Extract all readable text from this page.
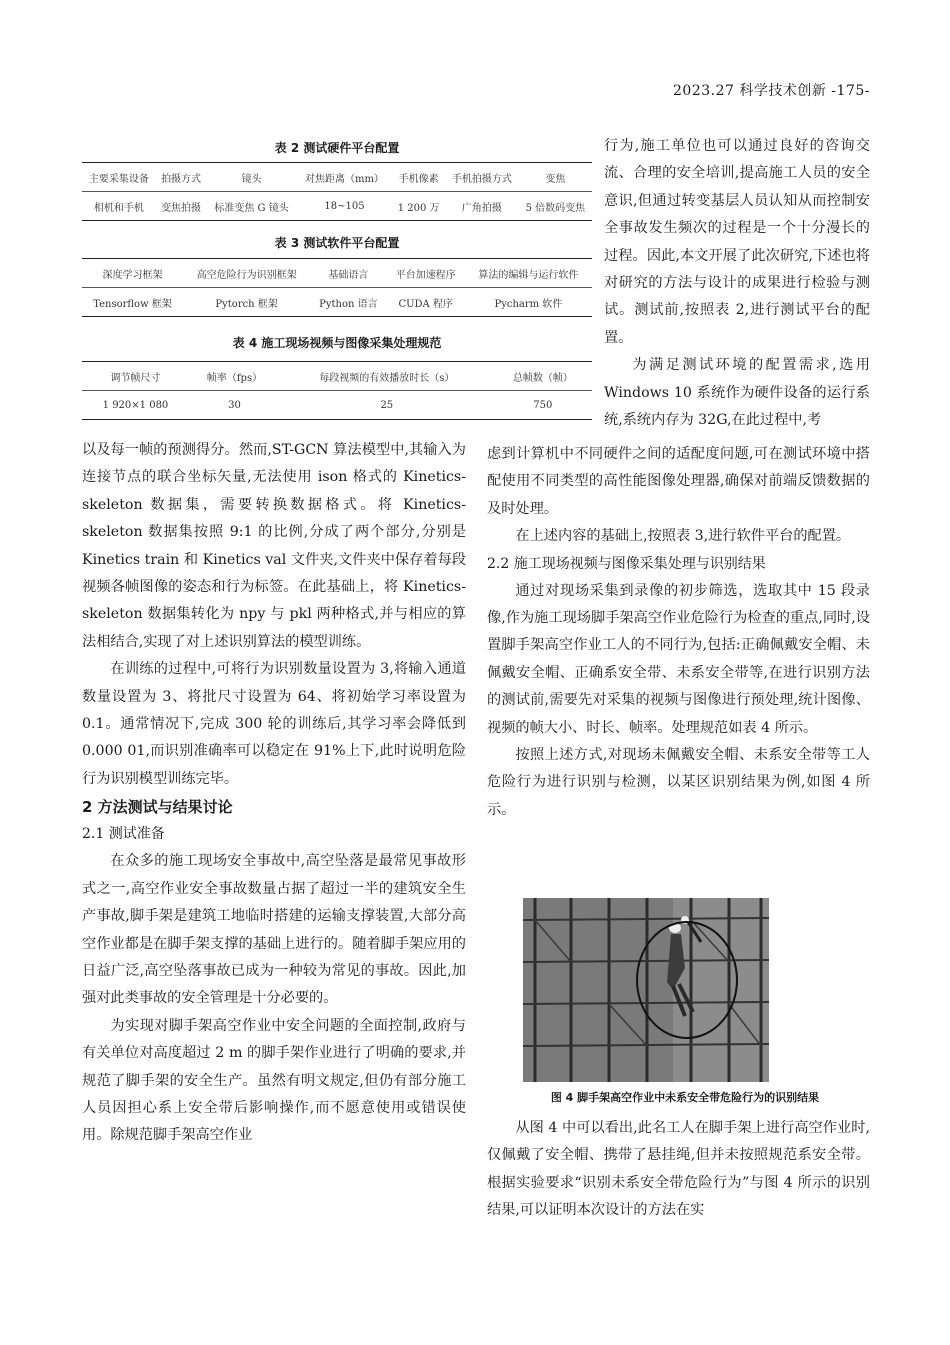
2023.27 科学技术创新 -175-
表 2 测试硬件平台配置
主要采集设备	拍摄方式	镜头	对焦距离（mm）	手机像素	手机拍摄方式	变焦
相机和手机	变焦拍摄	标准变焦 G 镜头	18~105	1 200 万	广角拍摄	5 倍数码变焦
表 3 测试软件平台配置
深度学习框架	高空危险行为识别框架	基础语言	平台加速程序	算法的编辑与运行软件
Tensorflow 框架	Pytorch 框架	Python 语言	CUDA 程序	Pycharm 软件
表 4 施工现场视频与图像采集处理规范
调节帧尺寸	帧率（fps）	每段视频的有效播放时长（s）	总帧数（帧）
1 920×1 080	30	25	750

以及每一帧的预测得分。然而,ST-GCN 算法模型中,其输入为连接节点的联合坐标矢量,无法使用 ison 格式的 Kinetics-skeleton 数据集，需要转换数据格式。将 Kinetics-skeleton 数据集按照 9:1 的比例,分成了两个部分,分别是 Kinetics train 和 Kinetics val 文件夹,文件夹中保存着每段视频各帧图像的姿态和行为标签。在此基础上，将 Kinetics-skeleton 数据集转化为 npy 与 pkl 两种格式,并与相应的算法相结合,实现了对上述识别算法的模型训练。

在训练的过程中,可将行为识别数量设置为 3,将输入通道数量设置为 3、将批尺寸设置为 64、将初始学习率设置为 0.1。通常情况下,完成 300 轮的训练后,其学习率会降低到 0.000 01,而识别准确率可以稳定在 91%上下,此时说明危险行为识别模型训练完毕。

2 方法测试与结果讨论
2.1 测试准备

在众多的施工现场安全事故中,高空坠落是最常见事故形式之一,高空作业安全事故数量占据了超过一半的建筑安全生产事故,脚手架是建筑工地临时搭建的运输支撑装置,大部分高空作业都是在脚手架支撑的基础上进行的。随着脚手架应用的日益广泛,高空坠落事故已成为一种较为常见的事故。因此,加强对此类事故的安全管理是十分必要的。

为实现对脚手架高空作业中安全问题的全面控制,政府与有关单位对高度超过 2 m 的脚手架作业进行了明确的要求,并规范了脚手架的安全生产。虽然有明文规定,但仍有部分施工人员因担心系上安全带后影响操作,而不愿意使用或错误使用。除规范脚手架高空作业

行为,施工单位也可以通过良好的咨询交流、合理的安全培训,提高施工人员的安全意识,但通过转变基层人员认知从而控制安全事故发生频次的过程是一个十分漫长的过程。因此,本文开展了此次研究,下述也将对研究的方法与设计的成果进行检验与测试。测试前,按照表 2,进行测试平台的配置。

为满足测试环境的配置需求,选用 Windows 10 系统作为硬件设备的运行系统,系统内存为 32G,在此过程中,考

虑到计算机中不同硬件之间的适配度问题,可在测试环境中搭配使用不同类型的高性能图像处理器,确保对前端反馈数据的及时处理。

在上述内容的基础上,按照表 3,进行软件平台的配置。

2.2 施工现场视频与图像采集处理与识别结果

通过对现场采集到录像的初步筛选，选取其中 15 段录像,作为施工现场脚手架高空作业危险行为检查的重点,同时,设置脚手架高空作业工人的不同行为,包括:正确佩戴安全帽、未佩戴安全帽、正确系安全带、未系安全带等,在进行识别方法的测试前,需要先对采集的视频与图像进行预处理,统计图像、视频的帧大小、时长、帧率。处理规范如表 4 所示。

按照上述方式,对现场未佩戴安全帽、未系安全带等工人危险行为进行识别与检测，以某区识别结果为例,如图 4 所示。

图 4 脚手架高空作业中未系安全带危险行为的识别结果

从图 4 中可以看出,此名工人在脚手架上进行高空作业时,仅佩戴了安全帽、携带了悬挂绳,但并未按照规范系安全带。根据实验要求“识别未系安全带危险行为”与图 4 所示的识别结果,可以证明本次设计的方法在实
